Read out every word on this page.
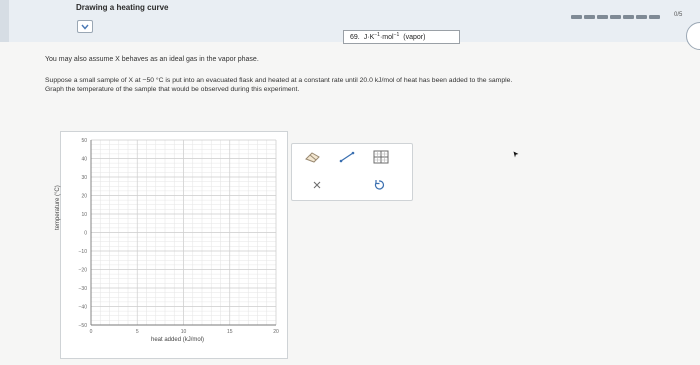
Drawing a heating curve
0/5
69. $J\cdot K^{-1}\cdot mol^{-1}$ (vapor)
You may also assume X behaves as an ideal gas in the vapor phase.
Suppose a small sample of X at −50 °C is put into an evacuated flask and heated at a constant rate until 20.0 kJ/mol of heat has been added to the sample.
Graph the temperature of the sample that would be observed during this experiment.
50
40
30
20
10
0
−10
−20
−30
−40
−50
0	5	10	15	20
temperature (°C)
heat added (kJ/mol)
